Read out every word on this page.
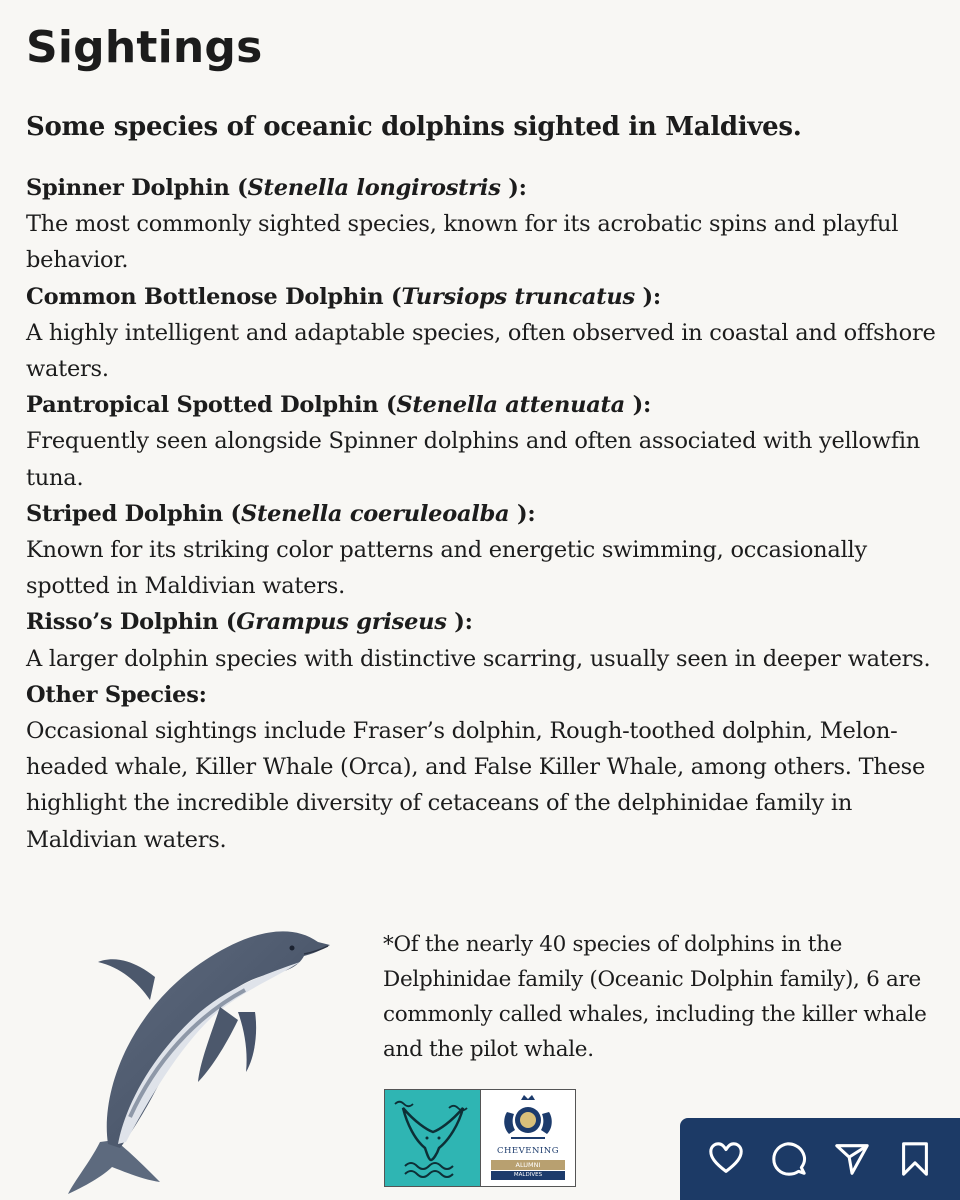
Sightings
Some species of oceanic dolphins sighted in Maldives.
Spinner Dolphin (Stenella longirostris ):
The most commonly sighted species, known for its acrobatic spins and playful behavior.
Common Bottlenose Dolphin (Tursiops truncatus ):
A highly intelligent and adaptable species, often observed in coastal and offshore waters.
Pantropical Spotted Dolphin (Stenella attenuata ):
Frequently seen alongside Spinner dolphins and often associated with yellowfin tuna.
Striped Dolphin (Stenella coeruleoalba ):
Known for its striking color patterns and energetic swimming, occasionally spotted in Maldivian waters.
Risso’s Dolphin (Grampus griseus ):
A larger dolphin species with distinctive scarring, usually seen in deeper waters.
Other Species:
Occasional sightings include Fraser’s dolphin, Rough-toothed dolphin, Melon-headed whale, Killer Whale (Orca), and False Killer Whale, among others. These highlight the incredible diversity of cetaceans of the delphinidae family in Maldivian waters.
*Of the nearly 40 species of dolphins in the Delphinidae family (Oceanic Dolphin family), 6 are commonly called whales, including the killer whale and the pilot whale.
CHEVENING
ALUMNI
MALDIVES
